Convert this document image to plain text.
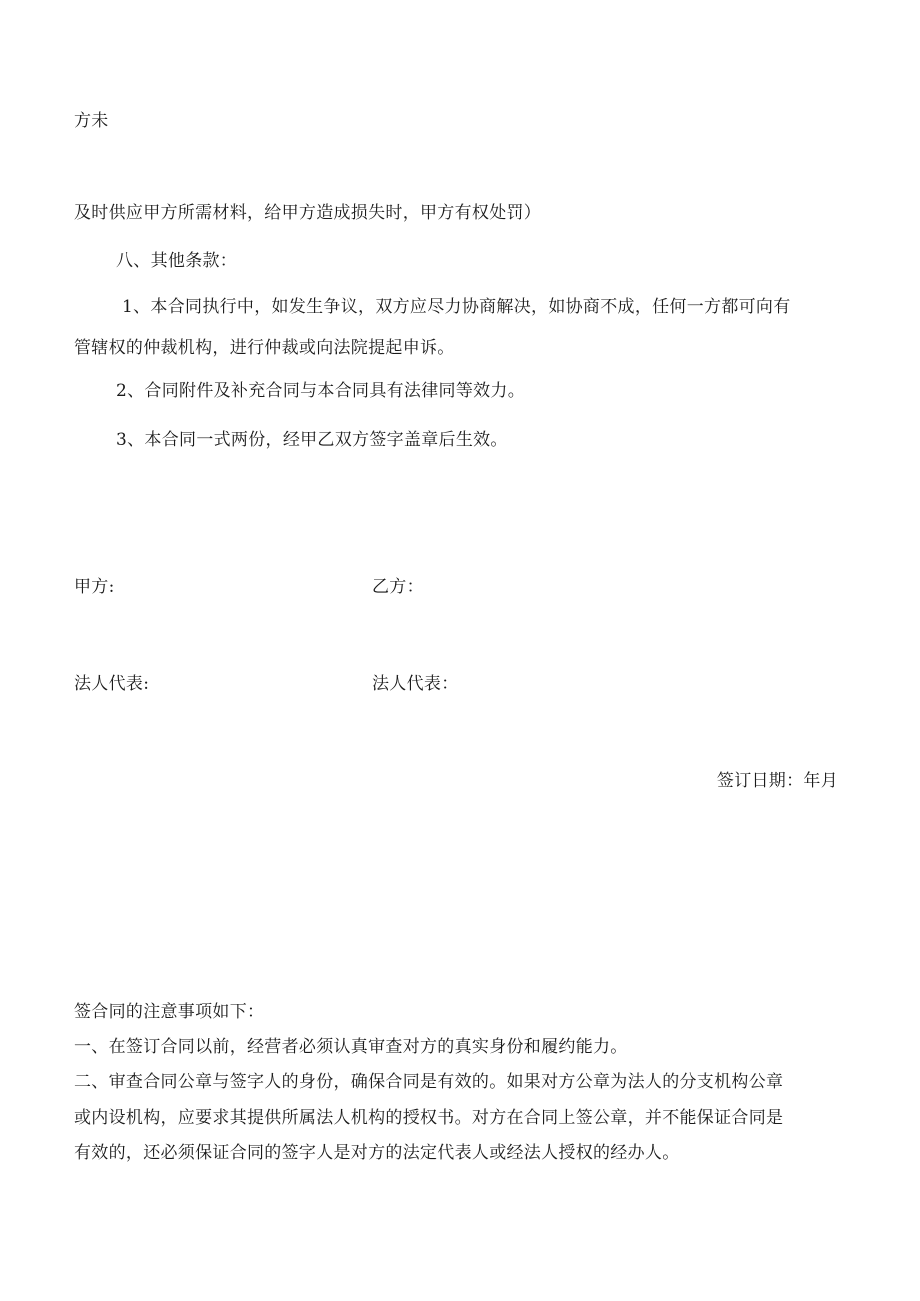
方未
及时供应甲方所需材料，给甲方造成损失时，甲方有权处罚）
八、其他条款：
1、本合同执行中，如发生争议，双方应尽力协商解决，如协商不成，任何一方都可向有
管辖权的仲裁机构，进行仲裁或向法院提起申诉。
2、合同附件及补充合同与本合同具有法律同等效力。
3、本合同一式两份，经甲乙双方签字盖章后生效。
甲方:	乙方：
法人代表:	法人代表：
签订日期：年月
签合同的注意事项如下：
一、在签订合同以前，经营者必须认真审查对方的真实身份和履约能力。
二、审查合同公章与签字人的身份，确保合同是有效的。如果对方公章为法人的分支机构公章
或内设机构，应要求其提供所属法人机构的授权书。对方在合同上签公章，并不能保证合同是
有效的，还必须保证合同的签字人是对方的法定代表人或经法人授权的经办人。
